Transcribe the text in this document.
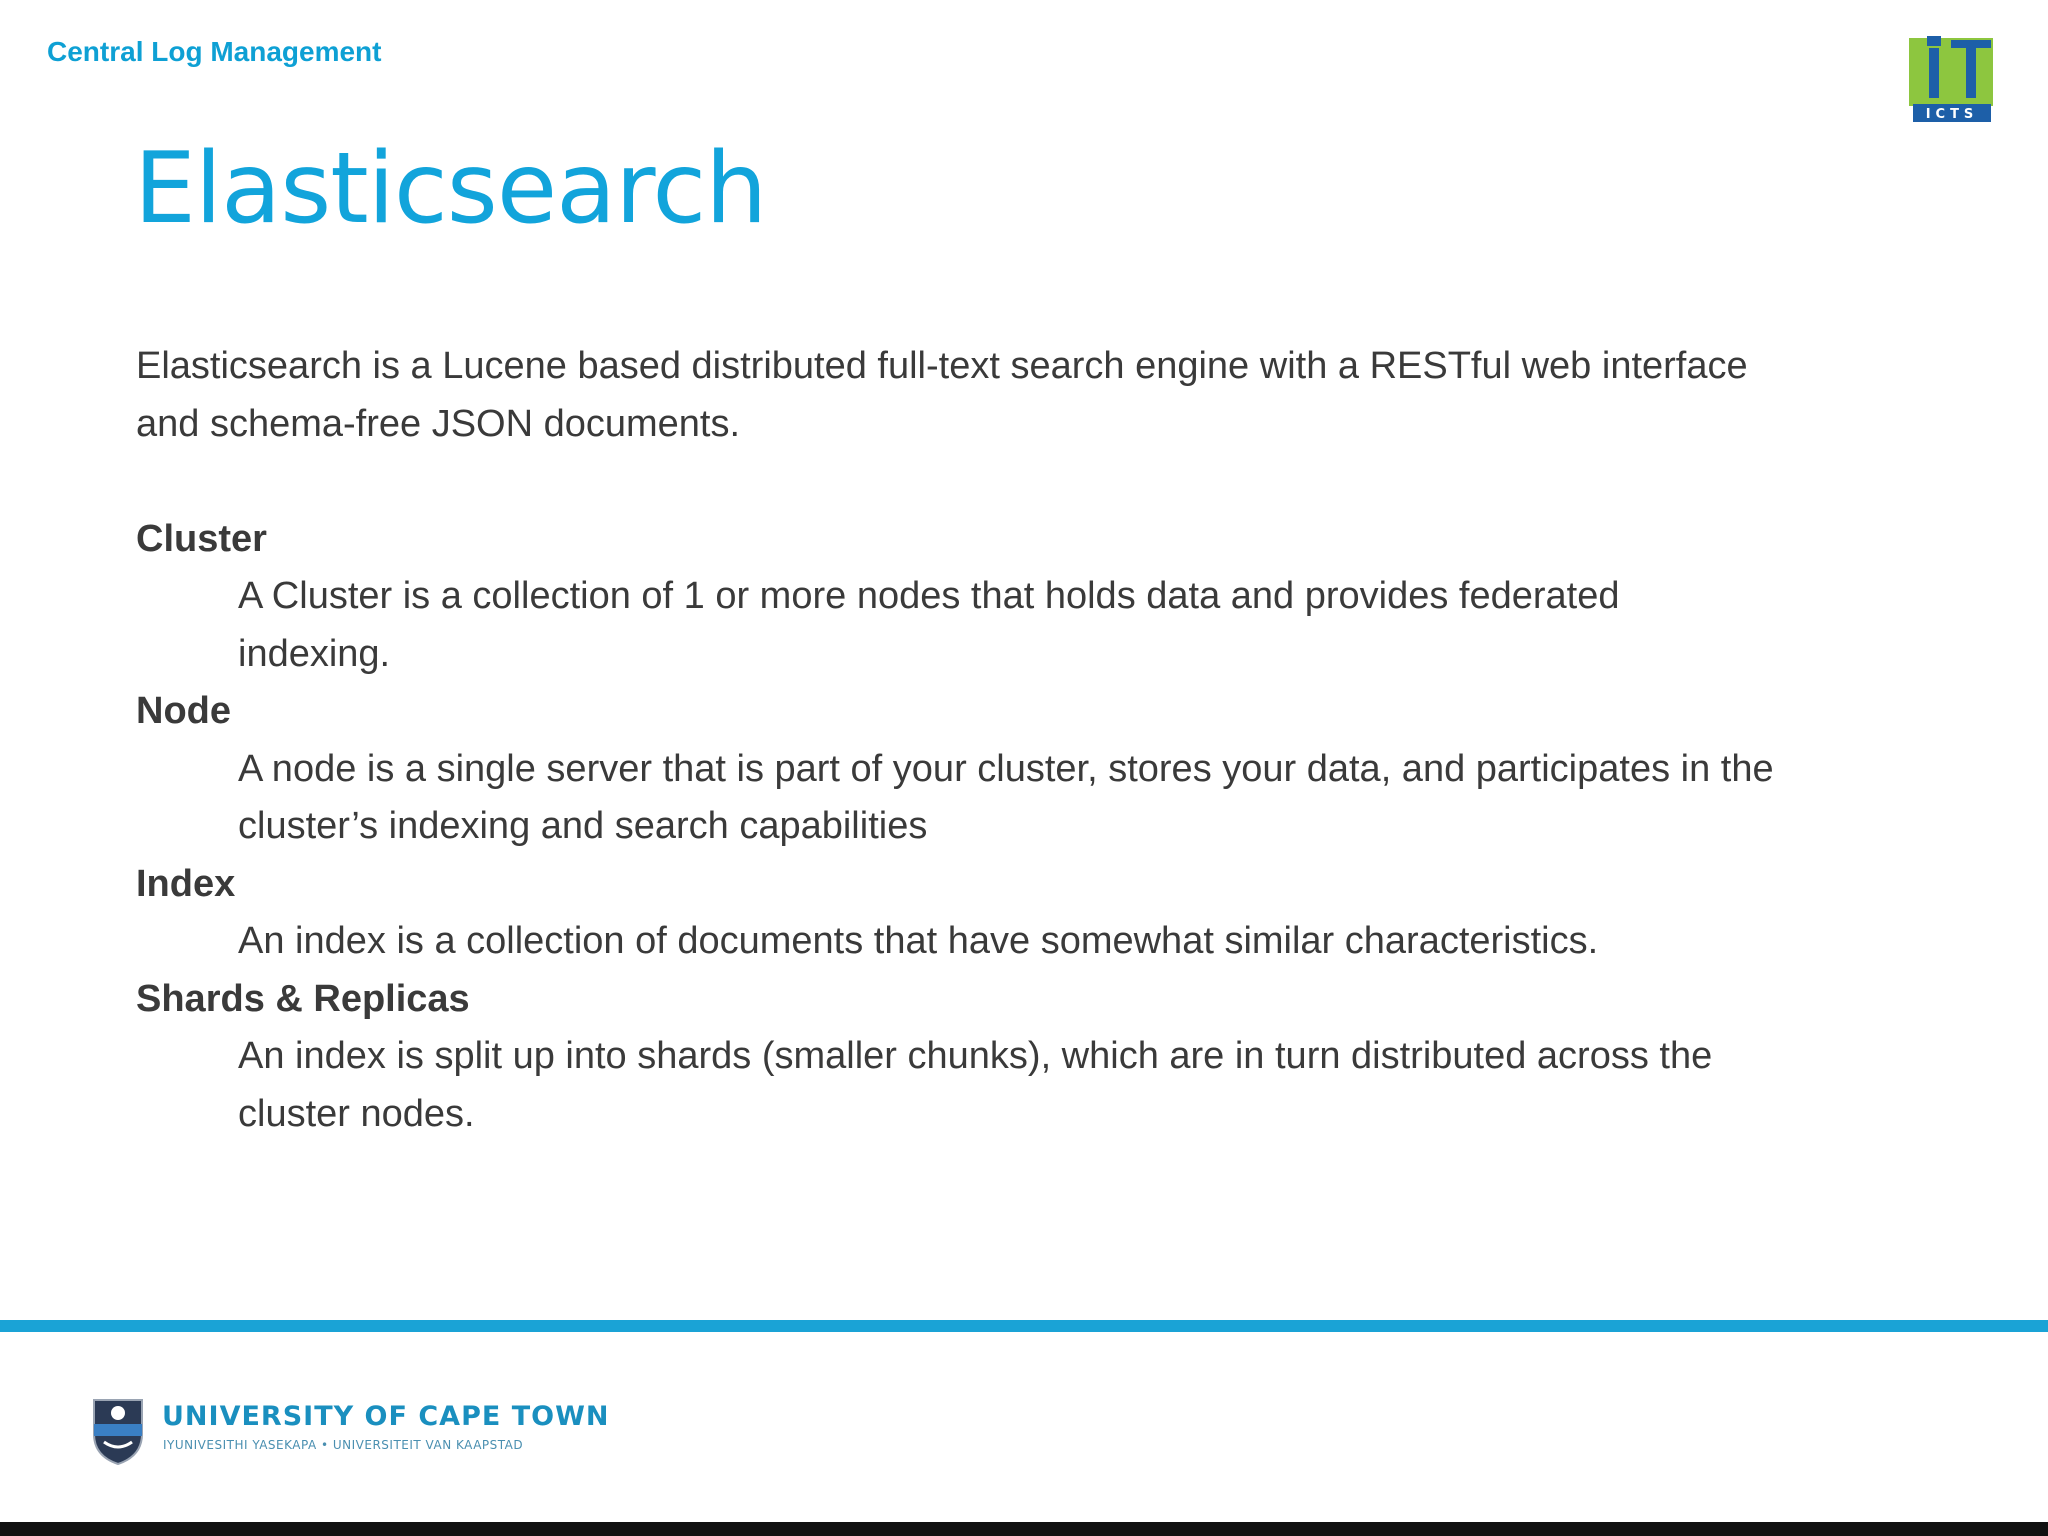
Central Log Management
ICTS
Elasticsearch

Elasticsearch is a Lucene based distributed full-text search engine with a RESTful web interface and schema-free JSON documents.

Cluster

A Cluster is a collection of 1 or more nodes that holds data and provides federated indexing.

Node

A node is a single server that is part of your cluster, stores your data, and participates in the cluster’s indexing and search capabilities

Index

An index is a collection of documents that have somewhat similar characteristics.

Shards & Replicas

An index is split up into shards (smaller chunks), which are in turn distributed across the cluster nodes.

UNIVERSITY OF CAPE TOWN
IYUNIVESITHI YASEKAPA • UNIVERSITEIT VAN KAAPSTAD
